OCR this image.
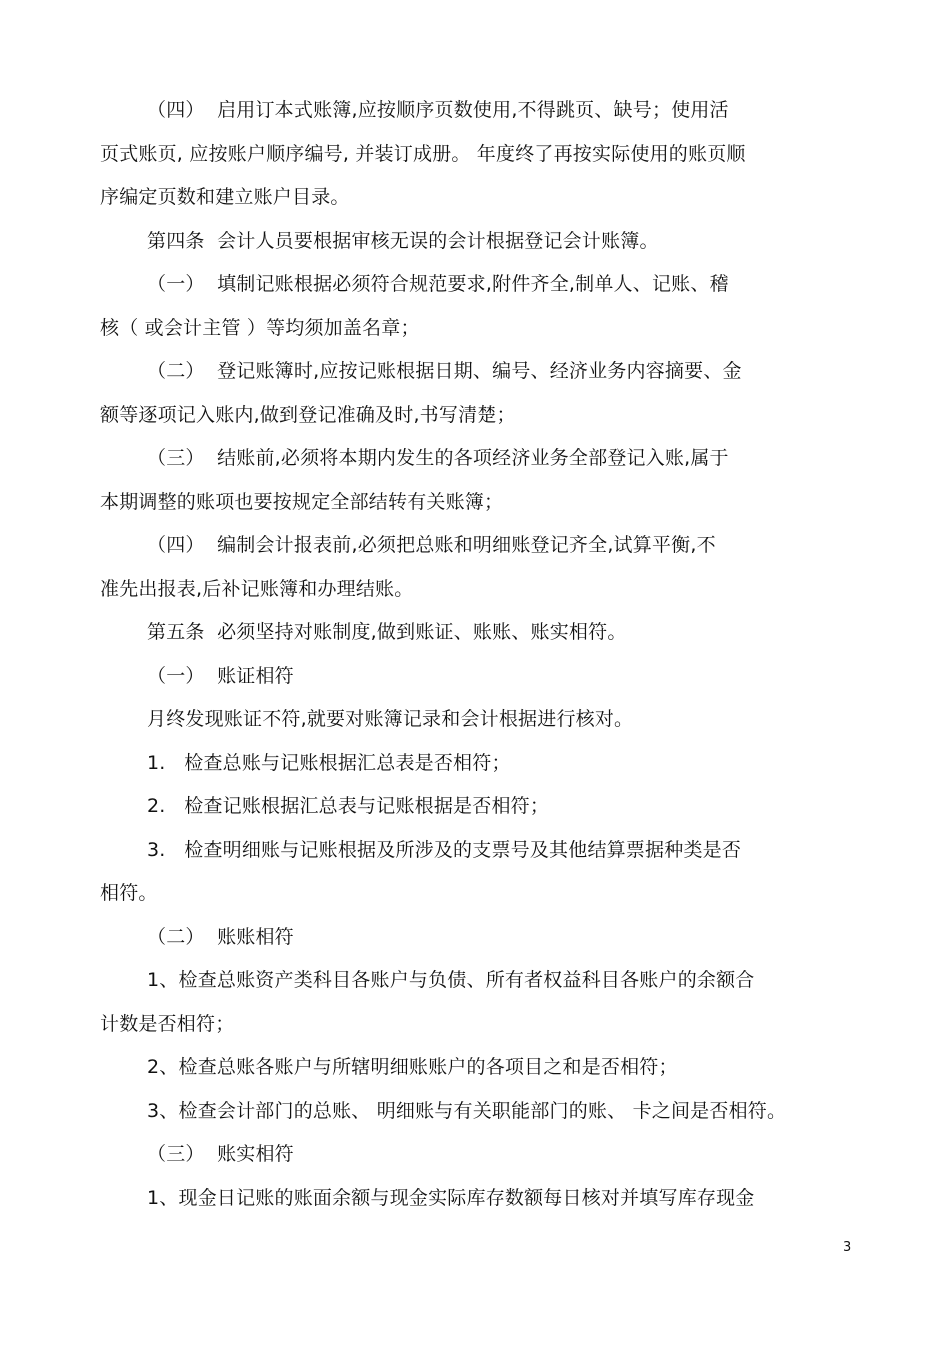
（四）  启用订本式账簿,应按顺序页数使用,不得跳页、缺号；使用活
页式账页, 应按账户顺序编号, 并装订成册。 年度终了再按实际使用的账页顺
序编定页数和建立账户目录。
第四条  会计人员要根据审核无误的会计根据登记会计账簿。
（一）  填制记账根据必须符合规范要求,附件齐全,制单人、记账、稽
核（ 或会计主管 ）等均须加盖名章；
（二）  登记账簿时,应按记账根据日期、编号、经济业务内容摘要、金
额等逐项记入账内,做到登记准确及时,书写清楚；
（三）  结账前,必须将本期内发生的各项经济业务全部登记入账,属于
本期调整的账项也要按规定全部结转有关账簿；
（四）  编制会计报表前,必须把总账和明细账登记齐全,试算平衡,不
准先出报表,后补记账簿和办理结账。
第五条  必须坚持对账制度,做到账证、账账、账实相符。
（一）  账证相符
月终发现账证不符,就要对账簿记录和会计根据进行核对。
1.   检查总账与记账根据汇总表是否相符；
2.   检查记账根据汇总表与记账根据是否相符；
3.   检查明细账与记账根据及所涉及的支票号及其他结算票据种类是否
相符。
（二）  账账相符
1、检查总账资产类科目各账户与负债、所有者权益科目各账户的余额合
计数是否相符；
2、检查总账各账户与所辖明细账账户的各项目之和是否相符；
3、检查会计部门的总账、 明细账与有关职能部门的账、 卡之间是否相符。
（三）  账实相符
1、现金日记账的账面余额与现金实际库存数额每日核对并填写库存现金
3
